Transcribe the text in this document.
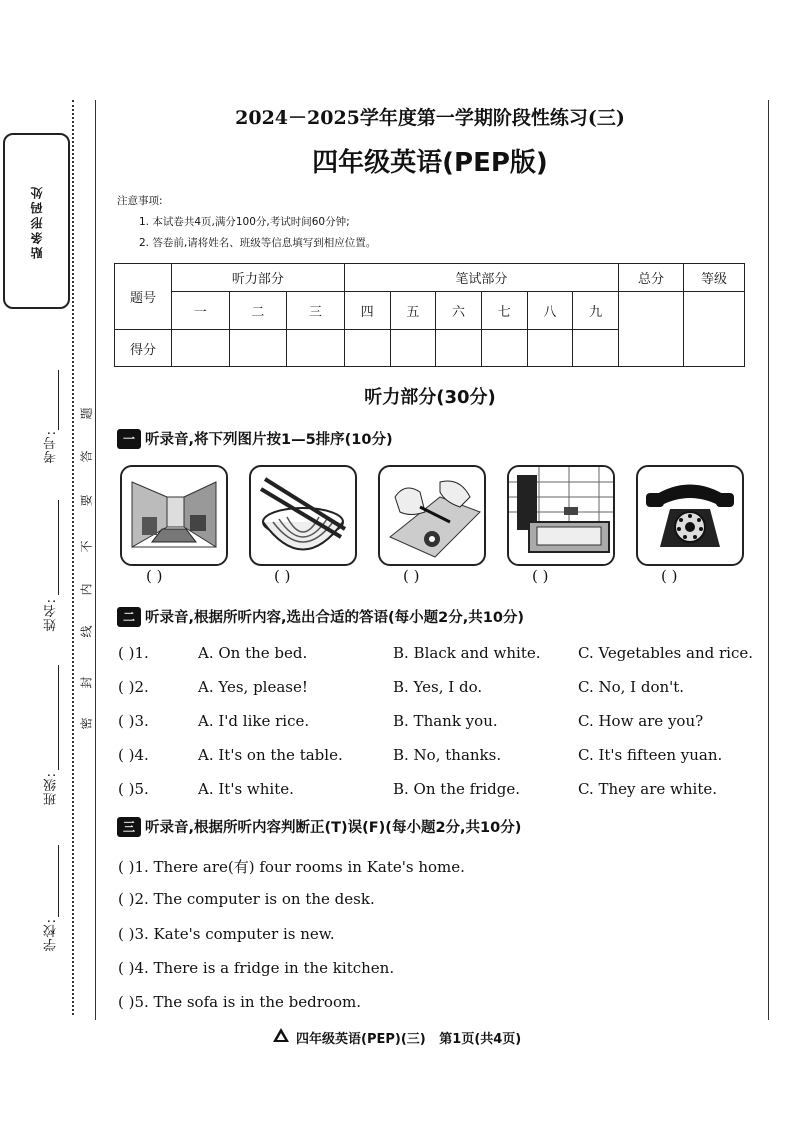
贴条形码处
考号:
姓名:
班级:
学校:
密
封
线
内
不
要
答
题
2024－2025学年度第一学期阶段性练习(三)
四年级英语(PEP版)
注意事项:
1. 本试卷共4页,满分100分,考试时间60分钟;
2. 答卷前,请将姓名、班级等信息填写到相应位置。
题号	听力部分			笔试部分						总分	等级
	一	二	三	四	五	六	七	八	九		
得分											
听力部分(30分)
一 听录音,将下列图片按1—5排序(10分)
( )	( )	( )	( )	( )
二 听录音,根据所听内容,选出合适的答语(每小题2分,共10分)
( )1.	A. On the bed.	B. Black and white. C. Vegetables and rice.
( )2.	A. Yes, please!	B. Yes, I do.	C. No, I don't.
( )3.	A. I'd like rice.	B. Thank you.	C. How are you?
( )4.	A. It's on the table.	B. No, thanks.	C. It's fifteen yuan.
( )5.	A. It's white.	B. On the fridge.	C. They are white.
三 听录音,根据所听内容判断正(T)误(F)(每小题2分,共10分)
( )1. There are(有) four rooms in Kate's home.
( )2. The computer is on the desk.
( )3. Kate's computer is new.
( )4. There is a fridge in the kitchen.
( )5. The sofa is in the bedroom.
四年级英语(PEP)(三)   第1页(共4页)
